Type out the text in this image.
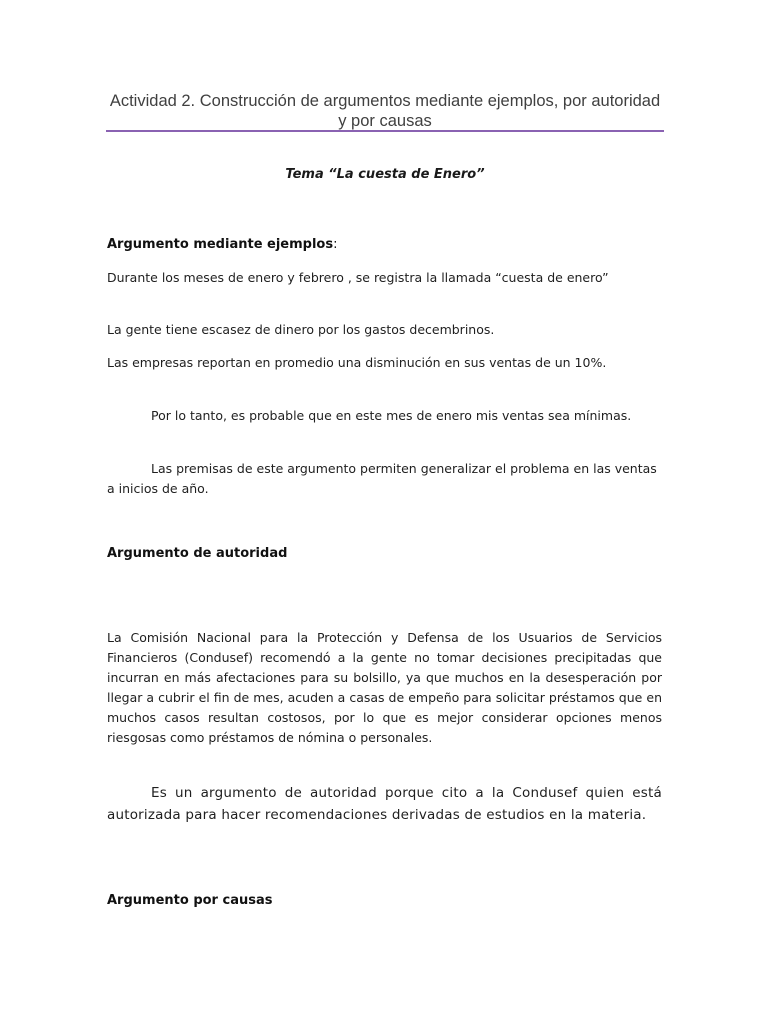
Actividad 2. Construcción de argumentos mediante ejemplos, por autoridad y por causas

Tema “La cuesta de Enero”

Argumento mediante ejemplos:

Durante los meses de enero y febrero , se registra la llamada “cuesta de enero”

La gente tiene escasez de dinero por los gastos decembrinos.

Las empresas reportan en promedio una disminución en sus ventas de un 10%.

Por lo tanto, es probable que en este mes de enero mis ventas sea mínimas.

Las premisas de este argumento permiten generalizar el problema en las ventas a inicios de año.

Argumento de autoridad

La Comisión Nacional para la Protección y Defensa de los Usuarios de Servicios Financieros (Condusef) recomendó a la gente no tomar decisiones precipitadas que incurran en más afectaciones para su bolsillo, ya que muchos en la desesperación por llegar a cubrir el fin de mes, acuden a casas de empeño para solicitar préstamos que en muchos casos resultan costosos, por lo que es mejor considerar opciones menos riesgosas como préstamos de nómina o personales.

Es un argumento de autoridad porque cito a la Condusef quien está autorizada para hacer recomendaciones derivadas de estudios en la materia.

Argumento por causas
